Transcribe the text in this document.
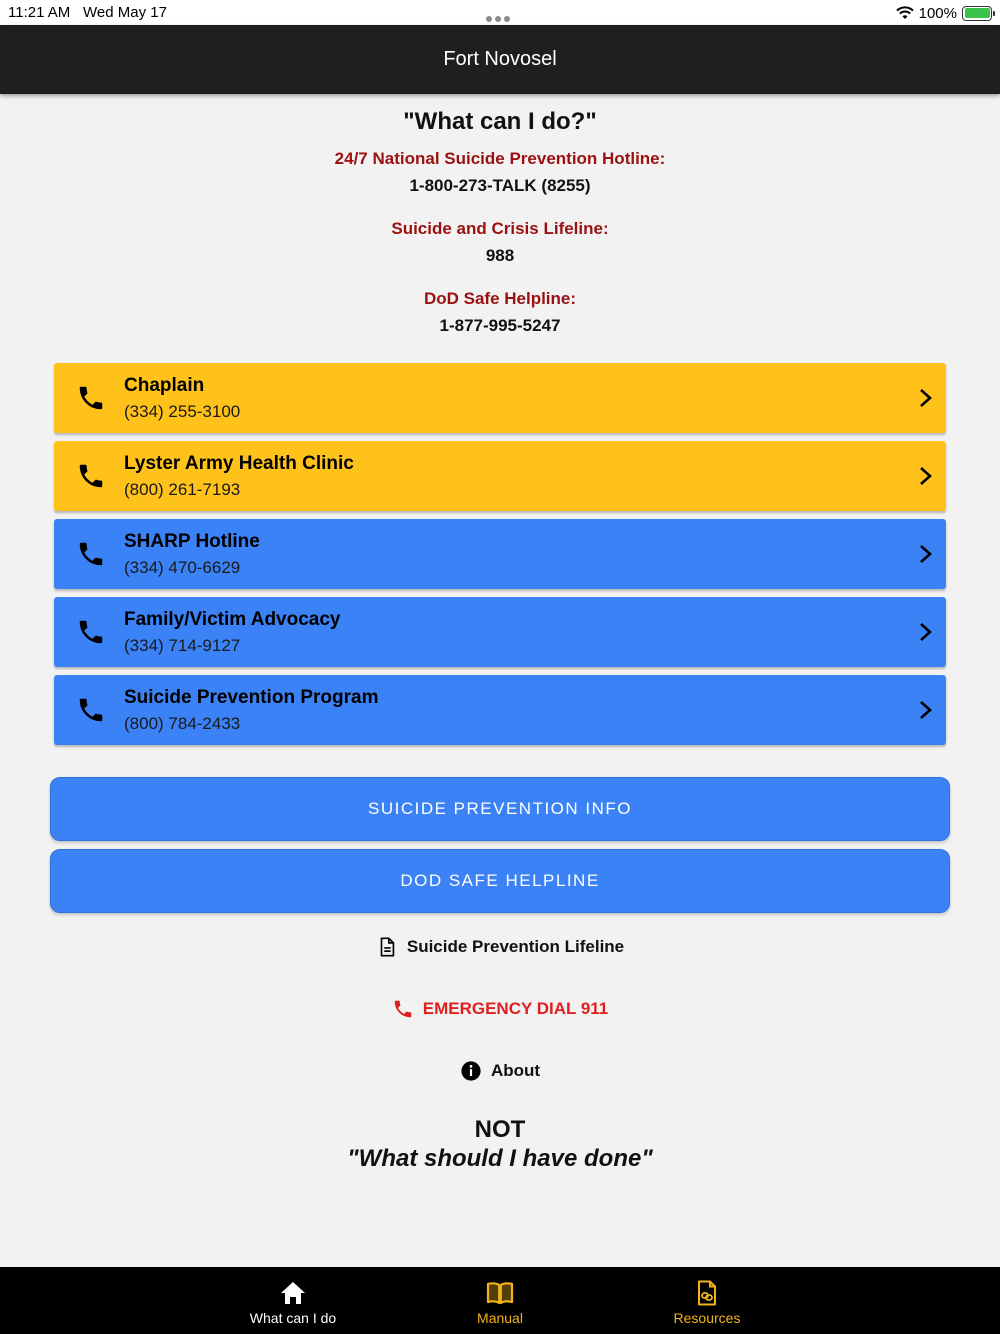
11:21 AM Wed May 17	100%
Fort Novosel
"What can I do?"
24/7 National Suicide Prevention Hotline:
1-800-273-TALK (8255)
Suicide and Crisis Lifeline:
988
DoD Safe Helpline:
1-877-995-5247
Chaplain
(334) 255-3100
Lyster Army Health Clinic
(800) 261-7193
SHARP Hotline
(334) 470-6629
Family/Victim Advocacy
(334) 714-9127
Suicide Prevention Program
(800) 784-2433
SUICIDE PREVENTION INFO
DOD SAFE HELPLINE
Suicide Prevention Lifeline
EMERGENCY DIAL 911
About
NOT
"What should I have done"
What can I do	Manual	Resources
